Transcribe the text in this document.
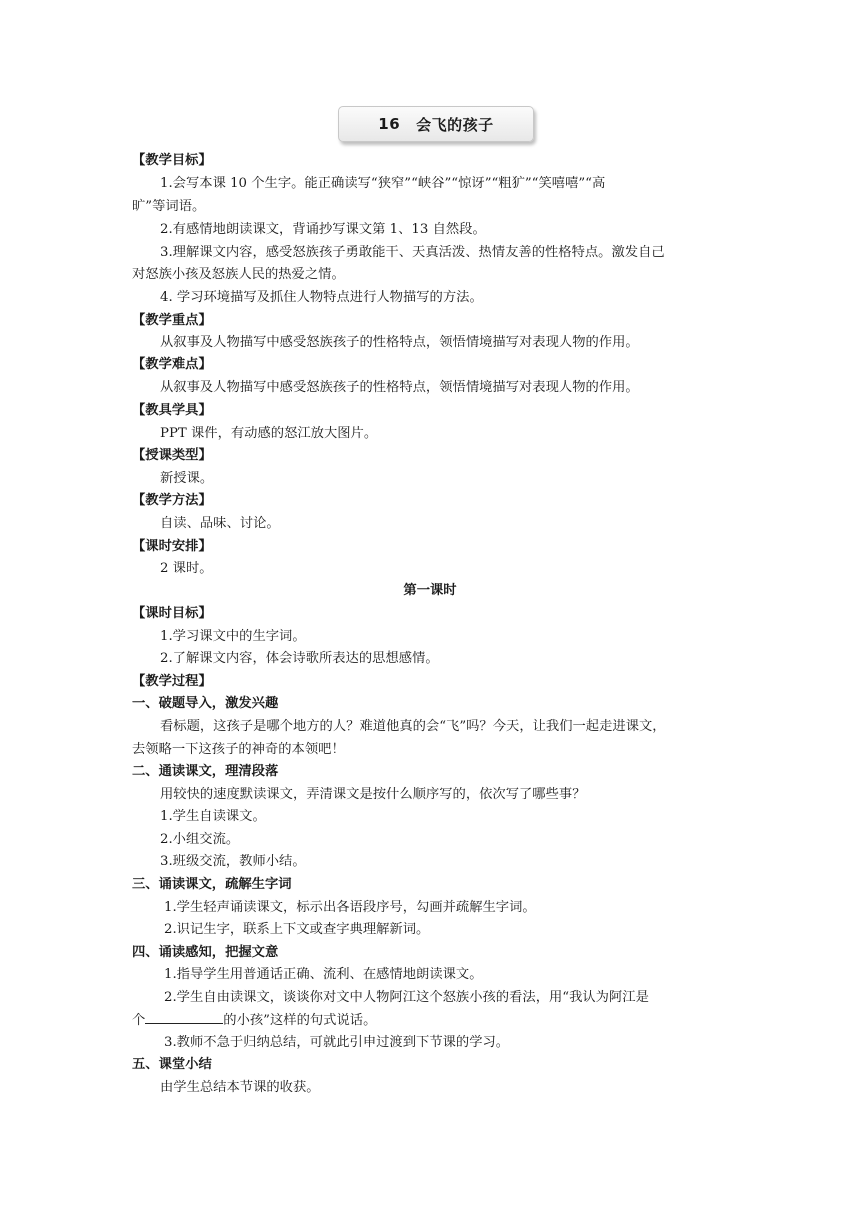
16 会飞的孩子
【教学目标】
1.会写本课 10 个生字。能正确读写“狭窄”“峡谷”“惊讶”“粗犷”“笑嘻嘻”“高
旷”等词语。
2.有感情地朗读课文，背诵抄写课文第 1、13 自然段。
3.理解课文内容，感受怒族孩子勇敢能干、天真活泼、热情友善的性格特点。激发自己
对怒族小孩及怒族人民的热爱之情。
4. 学习环境描写及抓住人物特点进行人物描写的方法。
【教学重点】
从叙事及人物描写中感受怒族孩子的性格特点，领悟情境描写对表现人物的作用。
【教学难点】
从叙事及人物描写中感受怒族孩子的性格特点，领悟情境描写对表现人物的作用。
【教具学具】
PPT 课件，有动感的怒江放大图片。
【授课类型】
新授课。
【教学方法】
自读、品味、讨论。
【课时安排】
2 课时。
第一课时
【课时目标】
1.学习课文中的生字词。
2.了解课文内容，体会诗歌所表达的思想感情。
【教学过程】
一、破题导入，激发兴趣
看标题，这孩子是哪个地方的人？难道他真的会“飞”吗？今天，让我们一起走进课文，
去领略一下这孩子的神奇的本领吧！
二、通读课文，理清段落
用较快的速度默读课文，弄清课文是按什么顺序写的，依次写了哪些事？
1.学生自读课文。
2.小组交流。
3.班级交流，教师小结。
三、诵读课文，疏解生字词
1.学生轻声诵读课文，标示出各语段序号，勾画并疏解生字词。
2.识记生字，联系上下文或查字典理解新词。
四、诵读感知，把握文意
1.指导学生用普通话正确、流利、在感情地朗读课文。
2.学生自由读课文，谈谈你对文中人物阿江这个怒族小孩的看法，用“我认为阿江是
个	的小孩”这样的句式说话。
3.教师不急于归纳总结，可就此引申过渡到下节课的学习。
五、课堂小结
由学生总结本节课的收获。
